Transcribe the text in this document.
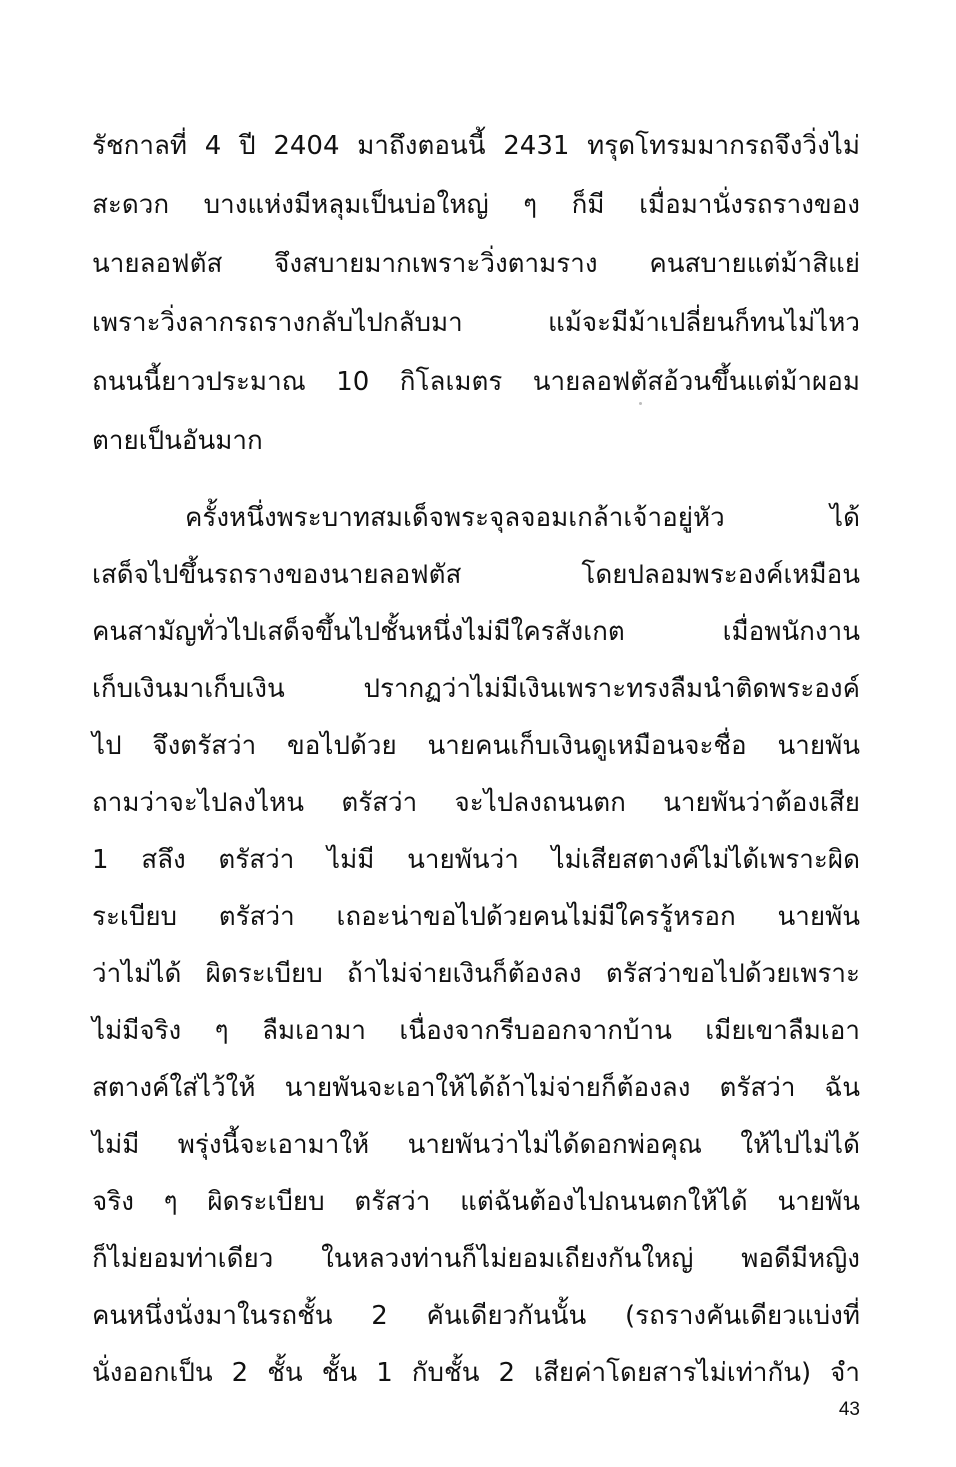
รัชกาลที่ 4 ปี 2404 มาถึงตอนนี้ 2431 ทรุดโทรมมากรถจึงวิ่งไม่
สะดวก บางแห่งมีหลุมเป็นบ่อใหญ่ ๆ ก็มี เมื่อมานั่งรถรางของ
นายลอฟตัส จึงสบายมากเพราะวิ่งตามราง คนสบายแต่ม้าสิแย่
เพราะวิ่งลากรถรางกลับไปกลับมา แม้จะมีม้าเปลี่ยนก็ทนไม่ไหว
ถนนนี้ยาวประมาณ 10 กิโลเมตร นายลอฟตัสอ้วนขึ้นแต่ม้าผอม
ตายเป็นอันมาก
ครั้งหนึ่งพระบาทสมเด็จพระจุลจอมเกล้าเจ้าอยู่หัว ได้
เสด็จไปขึ้นรถรางของนายลอฟตัส โดยปลอมพระองค์เหมือน
คนสามัญทั่วไปเสด็จขึ้นไปชั้นหนึ่งไม่มีใครสังเกต เมื่อพนักงาน
เก็บเงินมาเก็บเงิน ปรากฏว่าไม่มีเงินเพราะทรงลืมนำติดพระองค์
ไป จึงตรัสว่า ขอไปด้วย นายคนเก็บเงินดูเหมือนจะชื่อ นายพัน
ถามว่าจะไปลงไหน ตรัสว่า จะไปลงถนนตก นายพันว่าต้องเสีย
1 สลึง ตรัสว่า ไม่มี นายพันว่า ไม่เสียสตางค์ไม่ได้เพราะผิด
ระเบียบ ตรัสว่า เถอะน่าขอไปด้วยคนไม่มีใครรู้หรอก นายพัน
ว่าไม่ได้ ผิดระเบียบ ถ้าไม่จ่ายเงินก็ต้องลง ตรัสว่าขอไปด้วยเพราะ
ไม่มีจริง ๆ ลืมเอามา เนื่องจากรีบออกจากบ้าน เมียเขาลืมเอา
สตางค์ใส่ไว้ให้ นายพันจะเอาให้ได้ถ้าไม่จ่ายก็ต้องลง ตรัสว่า ฉัน
ไม่มี พรุ่งนี้จะเอามาให้ นายพันว่าไม่ได้ดอกพ่อคุณ ให้ไปไม่ได้
จริง ๆ ผิดระเบียบ ตรัสว่า แต่ฉันต้องไปถนนตกให้ได้ นายพัน
ก็ไม่ยอมท่าเดียว ในหลวงท่านก็ไม่ยอมเถียงกันใหญ่ พอดีมีหญิง
คนหนึ่งนั่งมาในรถชั้น 2 คันเดียวกันนั้น (รถรางคันเดียวแบ่งที่
นั่งออกเป็น 2 ชั้น ชั้น 1 กับชั้น 2 เสียค่าโดยสารไม่เท่ากัน) จำ
43
